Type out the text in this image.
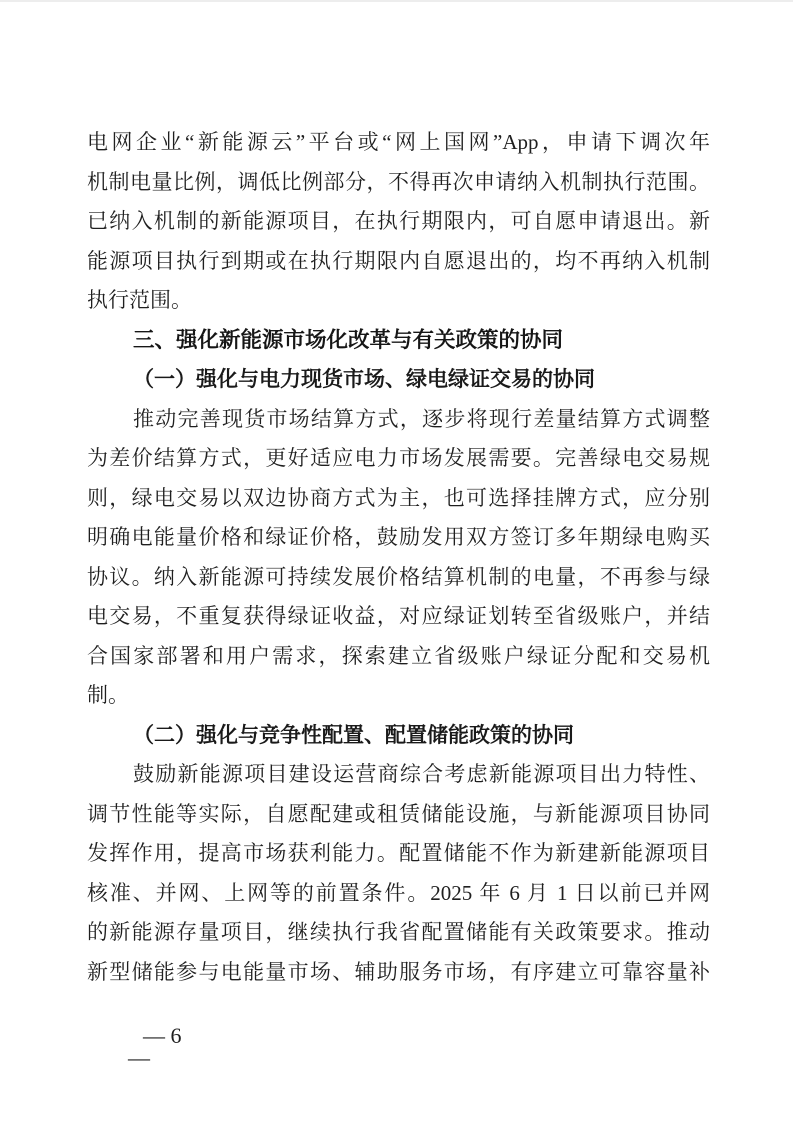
电网企业“新能源云”平台或“网上国网”App，申请下调次年
机制电量比例，调低比例部分，不得再次申请纳入机制执行范围。
已纳入机制的新能源项目，在执行期限内，可自愿申请退出。新
能源项目执行到期或在执行期限内自愿退出的，均不再纳入机制
执行范围。
三、强化新能源市场化改革与有关政策的协同
（一）强化与电力现货市场、绿电绿证交易的协同
推动完善现货市场结算方式，逐步将现行差量结算方式调整
为差价结算方式，更好适应电力市场发展需要。完善绿电交易规
则，绿电交易以双边协商方式为主，也可选择挂牌方式，应分别
明确电能量价格和绿证价格，鼓励发用双方签订多年期绿电购买
协议。纳入新能源可持续发展价格结算机制的电量，不再参与绿
电交易，不重复获得绿证收益，对应绿证划转至省级账户，并结
合国家部署和用户需求，探索建立省级账户绿证分配和交易机
制。
（二）强化与竞争性配置、配置储能政策的协同
鼓励新能源项目建设运营商综合考虑新能源项目出力特性、
调节性能等实际，自愿配建或租赁储能设施，与新能源项目协同
发挥作用，提高市场获利能力。配置储能不作为新建新能源项目
核准、并网、上网等的前置条件。2025 年 6 月 1 日以前已并网
的新能源存量项目，继续执行我省配置储能有关政策要求。推动
新型储能参与电能量市场、辅助服务市场，有序建立可靠容量补
— 6
—
